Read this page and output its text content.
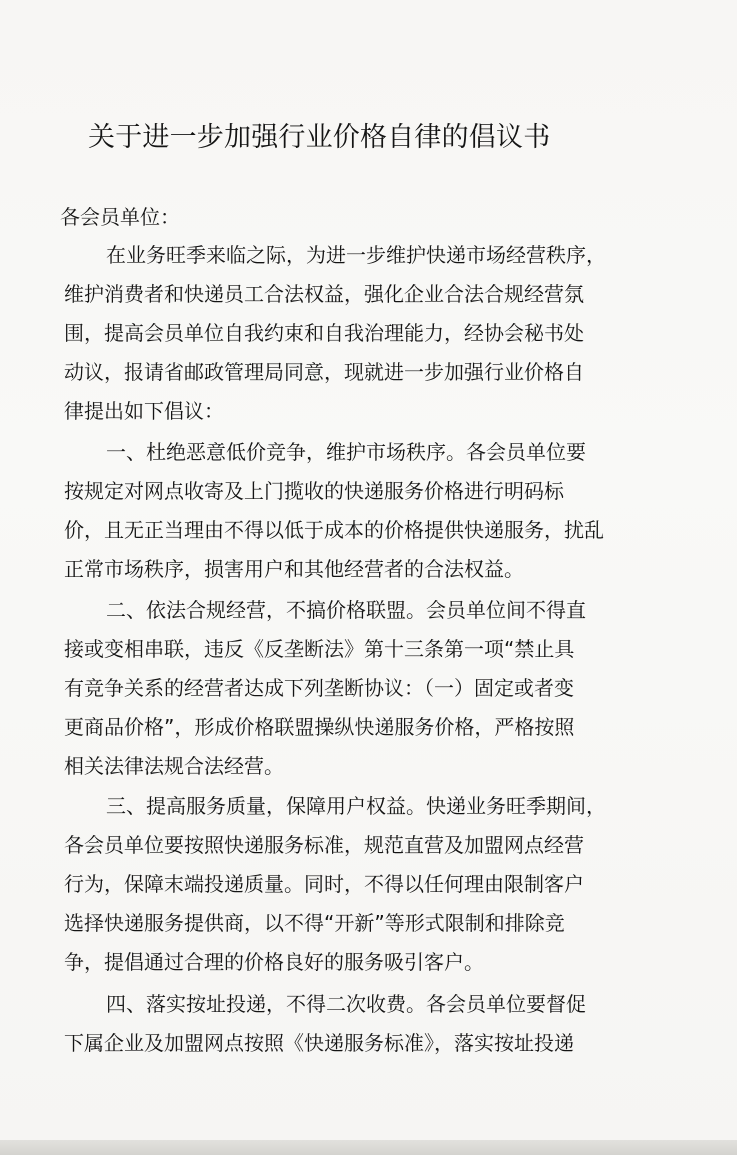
关于进一步加强行业价格自律的倡议书

各会员单位：

在业务旺季来临之际，为进一步维护快递市场经营秩序，
维护消费者和快递员工合法权益，强化企业合法合规经营氛
围，提高会员单位自我约束和自我治理能力，经协会秘书处
动议，报请省邮政管理局同意，现就进一步加强行业价格自
律提出如下倡议：

一、杜绝恶意低价竞争，维护市场秩序。各会员单位要
按规定对网点收寄及上门揽收的快递服务价格进行明码标
价，且无正当理由不得以低于成本的价格提供快递服务，扰乱
正常市场秩序，损害用户和其他经营者的合法权益。

二、依法合规经营，不搞价格联盟。会员单位间不得直
接或变相串联，违反《反垄断法》第十三条第一项“禁止具
有竞争关系的经营者达成下列垄断协议：（一）固定或者变
更商品价格”，形成价格联盟操纵快递服务价格，严格按照
相关法律法规合法经营。

三、提高服务质量，保障用户权益。快递业务旺季期间，
各会员单位要按照快递服务标准，规范直营及加盟网点经营
行为，保障末端投递质量。同时，不得以任何理由限制客户
选择快递服务提供商，以不得“开新”等形式限制和排除竞
争，提倡通过合理的价格良好的服务吸引客户。

四、落实按址投递，不得二次收费。各会员单位要督促
下属企业及加盟网点按照《快递服务标准》，落实按址投递
